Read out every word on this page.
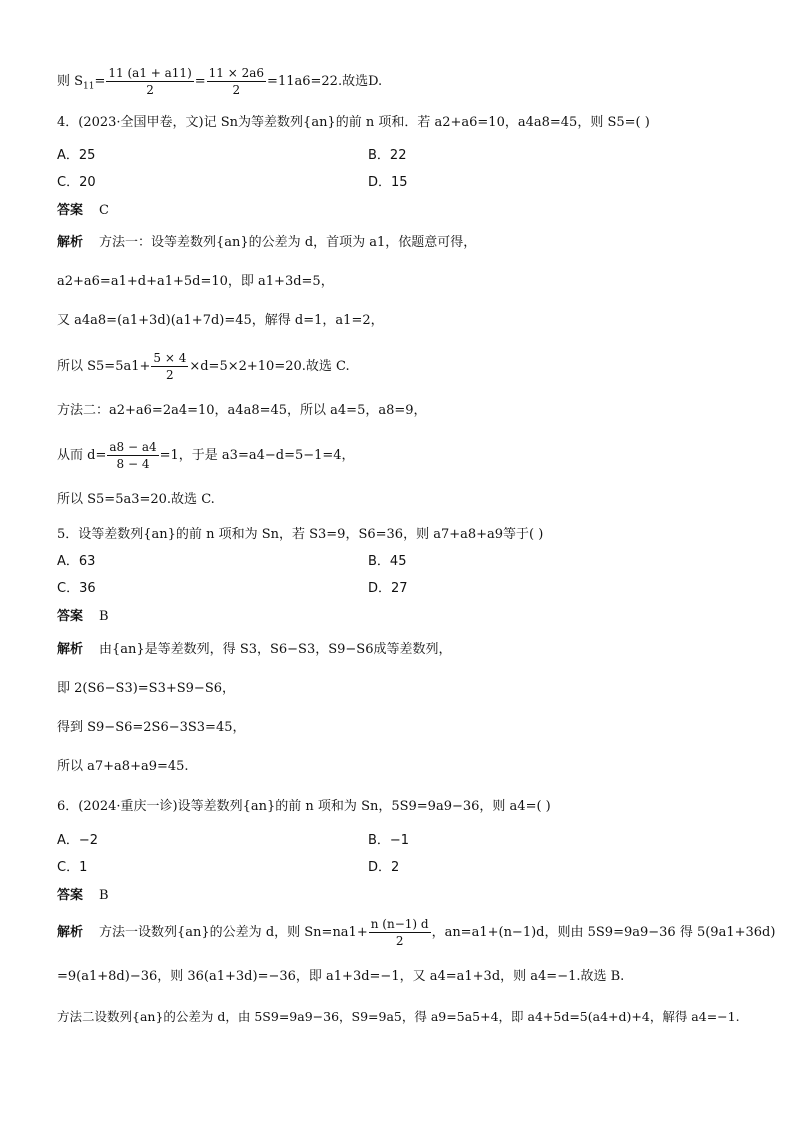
则 $S_{11}= \frac{11 (a1 + a11)}{2} = \frac{11 \times 2a6}{2} =11a6=22$.故选D.
4．(2023·全国甲卷，文)记 Sn为等差数列{an}的前 n 项和．若 a2+a6=10，a4a8=45，则 S5=( )
A．25	B．22
C．20	D．15
答案 C
解析 方法一：设等差数列{an}的公差为 d，首项为 a1，依题意可得，
a2+a6=a1+d+a1+5d=10，即 a1+3d=5，
又 a4a8=(a1+3d)(a1+7d)=45，解得 d=1，a1=2，
所以 $S5=5a1+ \frac{5 \times 4}{2} \times d=5\times 2+10=20$.故选 C.
方法二：a2+a6=2a4=10，a4a8=45，所以 a4=5，a8=9，
从而 $d= \frac{a8 - a4}{8 - 4} =1$，于是 a3=a4−d=5−1=4，
所以 S5=5a3=20.故选 C.
5．设等差数列{an}的前 n 项和为 Sn，若 S3=9，S6=36，则 a7+a8+a9等于( )
A．63	B．45
C．36	D．27
答案 B
解析 由{an}是等差数列，得 S3，S6−S3，S9−S6成等差数列，
即 2(S6−S3)=S3+S9−S6，
得到 S9−S6=2S6−3S3=45，
所以 a7+a8+a9=45.
6．(2024·重庆一诊)设等差数列{an}的前 n 项和为 Sn，5S9=9a9−36，则 a4=( )
A．−2	B．−1
C．1	D．2
答案 B
解析 方法一设数列{an}的公差为 d，则 $Sn=na1+ \frac{n (n-1) d}{2}$ ，an=a1+(n−1)d，则由 5S9=9a9−36 得 5(9a1+36d)
=9(a1+8d)−36，则 36(a1+3d)=−36，即 a1+3d=−1，又 a4=a1+3d，则 a4=−1.故选 B.
方法二设数列{an}的公差为 d，由 5S9=9a9−36，S9=9a5，得 a9=5a5+4，即 a4+5d=5(a4+d)+4，解得 a4=−1.
